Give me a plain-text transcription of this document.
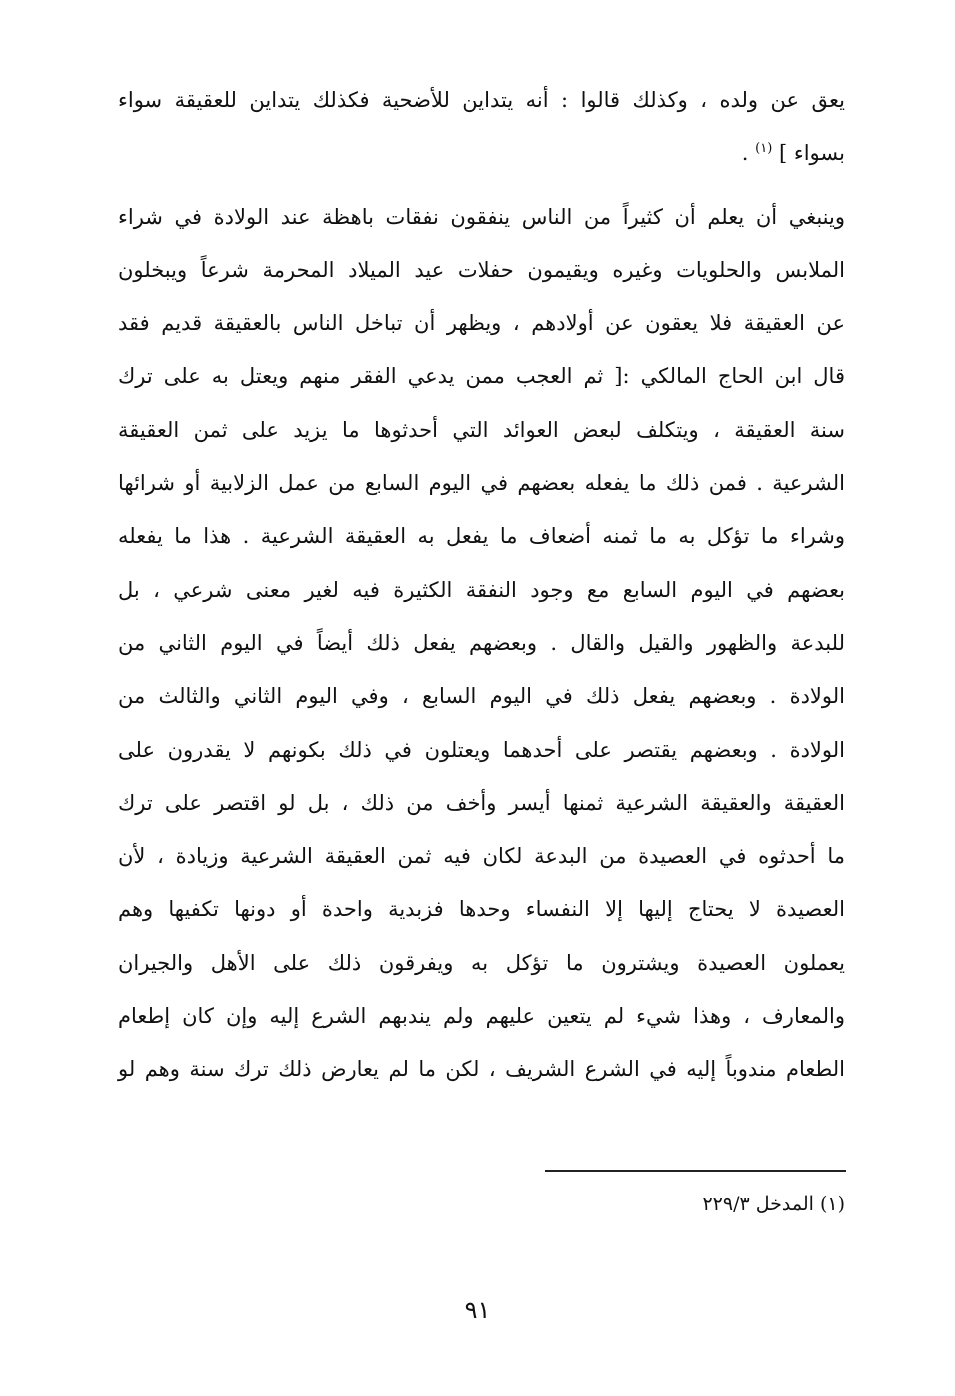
يعق عن ولده ، وكذلك قالوا : أنه يتداين للأضحية فكذلك يتداين للعقيقة سواء
بسواء ] $^{(١)}$ .
وينبغي أن يعلم أن كثيراً من الناس ينفقون نفقات باهظة عند الولادة في شراء
الملابس والحلويات وغيره ويقيمون حفلات عيد الميلاد المحرمة شرعاً ويبخلون
عن العقيقة فلا يعقون عن أولادهم ، ويظهر أن تباخل الناس بالعقيقة قديم فقد
قال ابن الحاج المالكي :[ ثم العجب ممن يدعي الفقر منهم ويعتل به على ترك
سنة العقيقة ، ويتكلف لبعض العوائد التي أحدثوها ما يزيد على ثمن العقيقة
الشرعية . فمن ذلك ما يفعله بعضهم في اليوم السابع من عمل الزلابية أو شرائها
وشراء ما تؤكل به ما ثمنه أضعاف ما يفعل به العقيقة الشرعية . هذا ما يفعله
بعضهم في اليوم السابع مع وجود النفقة الكثيرة فيه لغير معنى شرعي ، بل
للبدعة والظهور والقيل والقال . وبعضهم يفعل ذلك أيضاً في اليوم الثاني من
الولادة . وبعضهم يفعل ذلك في اليوم السابع ، وفي اليوم الثاني والثالث من
الولادة . وبعضهم يقتصر على أحدهما ويعتلون في ذلك بكونهم لا يقدرون على
العقيقة والعقيقة الشرعية ثمنها أيسر وأخف من ذلك ، بل لو اقتصر على ترك
ما أحدثوه في العصيدة من البدعة لكان فيه ثمن العقيقة الشرعية وزيادة ، لأن
العصيدة لا يحتاج إليها إلا النفساء وحدها فزبدية واحدة أو دونها تكفيها وهم
يعملون العصيدة ويشترون ما تؤكل به ويفرقون ذلك على الأهل والجيران
والمعارف ، وهذا شيء لم يتعين عليهم ولم يندبهم الشرع إليه وإن كان إطعام
الطعام مندوباً إليه في الشرع الشريف ، لكن ما لم يعارض ذلك ترك سنة وهم لو
(١) المدخل ٢٢٩/٣
٩١
